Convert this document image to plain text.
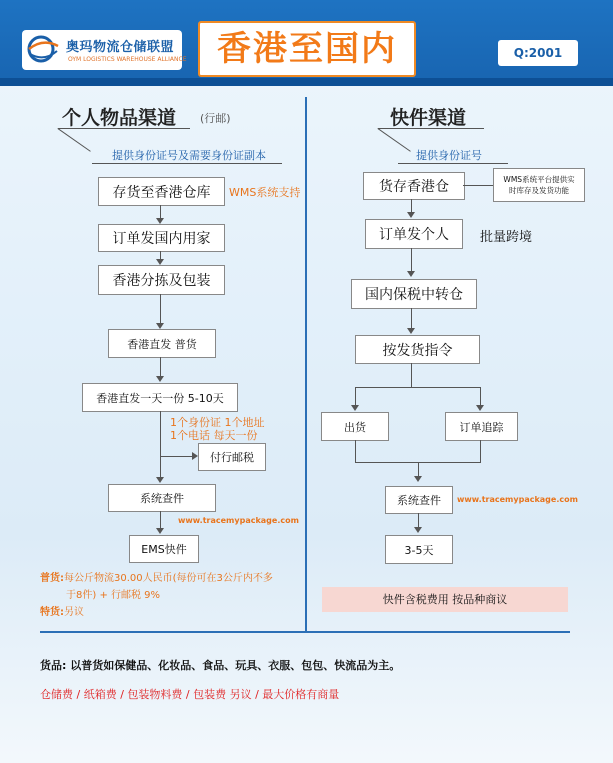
奥玛物流仓储联盟
OYM LOGISTICS WAREHOUSE ALLIANCE 香港至国内	Q:2001
个人物品渠道 (行邮)
提供身份证号及需要身份证副本
存货至香港仓库	WMS系统支持
订单发国内用家
香港分拣及包装
香港直发 普货
香港直发一天一份 5-10天
1个身份证 1个地址
1个电话 每天一份
付行邮税
系统查件
www.tracemypackage.com
EMS快件
普货:每公斤物流30.00人民币(每份可在3公斤内不多
于8件) + 行邮税 9%
特货:另议
快件渠道
提供身份证号
货存香港仓	WMS系统平台提供实
时库存及发货功能
订单发个人	批量跨境
国内保税中转仓
按发货指令
出货	订单追踪
系统查件	www.tracemypackage.com
3-5天
快件含税费用 按品种商议
货品: 以普货如保健品、化妆品、食品、玩具、衣服、包包、快流品为主。
仓储费 / 纸箱费 / 包装物料费 / 包装费 另议 / 最大价格有商量
